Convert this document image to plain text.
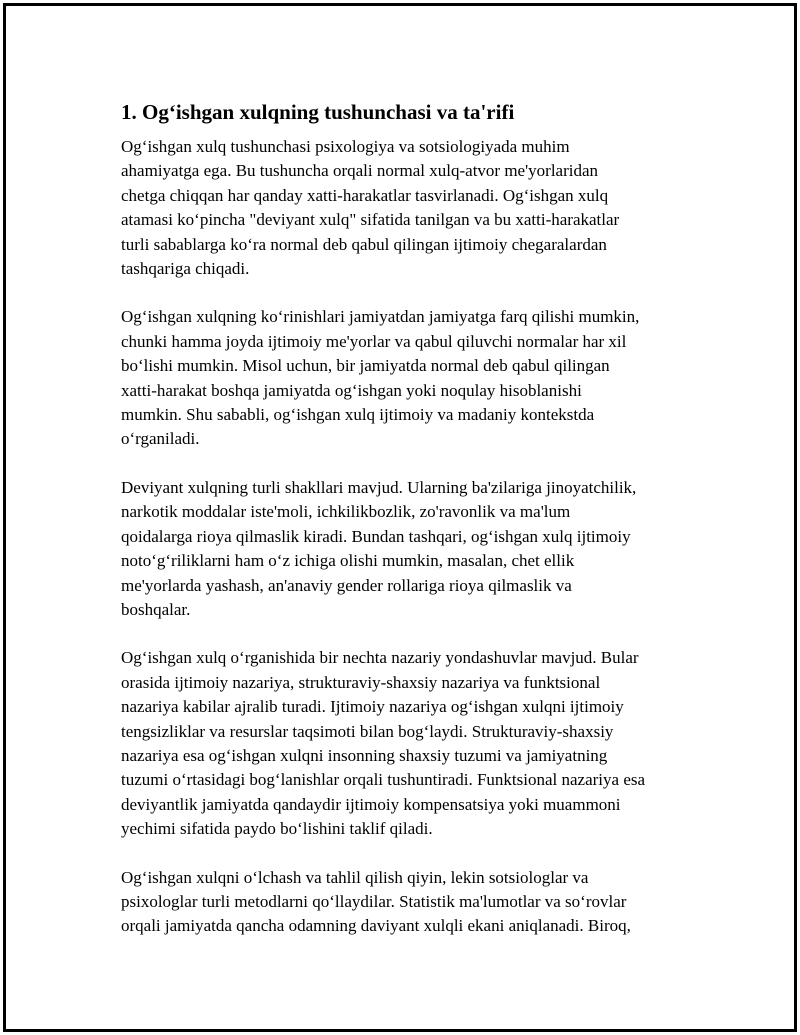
1. Og‘ishgan xulqning tushunchasi va ta'rifi

Og‘ishgan xulq tushunchasi psixologiya va sotsiologiyada muhim
ahamiyatga ega. Bu tushuncha orqali normal xulq-atvor me'yorlaridan
chetga chiqqan har qanday xatti-harakatlar tasvirlanadi. Og‘ishgan xulq
atamasi ko‘pincha "deviyant xulq" sifatida tanilgan va bu xatti-harakatlar
turli sabablarga ko‘ra normal deb qabul qilingan ijtimoiy chegaralardan
tashqariga chiqadi.

Og‘ishgan xulqning ko‘rinishlari jamiyatdan jamiyatga farq qilishi mumkin,
chunki hamma joyda ijtimoiy me'yorlar va qabul qiluvchi normalar har xil
bo‘lishi mumkin. Misol uchun, bir jamiyatda normal deb qabul qilingan
xatti-harakat boshqa jamiyatda og‘ishgan yoki noqulay hisoblanishi
mumkin. Shu sababli, og‘ishgan xulq ijtimoiy va madaniy kontekstda
o‘rganiladi.

Deviyant xulqning turli shakllari mavjud. Ularning ba'zilariga jinoyatchilik,
narkotik moddalar iste'moli, ichkilikbozlik, zo'ravonlik va ma'lum
qoidalarga rioya qilmaslik kiradi. Bundan tashqari, og‘ishgan xulq ijtimoiy
noto‘g‘riliklarni ham o‘z ichiga olishi mumkin, masalan, chet ellik
me'yorlarda yashash, an'anaviy gender rollariga rioya qilmaslik va
boshqalar.

Og‘ishgan xulq o‘rganishida bir nechta nazariy yondashuvlar mavjud. Bular
orasida ijtimoiy nazariya, strukturaviy-shaxsiy nazariya va funktsional
nazariya kabilar ajralib turadi. Ijtimoiy nazariya og‘ishgan xulqni ijtimoiy
tengsizliklar va resurslar taqsimoti bilan bog‘laydi. Strukturaviy-shaxsiy
nazariya esa og‘ishgan xulqni insonning shaxsiy tuzumi va jamiyatning
tuzumi o‘rtasidagi bog‘lanishlar orqali tushuntiradi. Funktsional nazariya esa
deviyantlik jamiyatda qandaydir ijtimoiy kompensatsiya yoki muammoni
yechimi sifatida paydo bo‘lishini taklif qiladi.

Og‘ishgan xulqni o‘lchash va tahlil qilish qiyin, lekin sotsiologlar va
psixologlar turli metodlarni qo‘llaydilar. Statistik ma'lumotlar va so‘rovlar
orqali jamiyatda qancha odamning daviyant xulqli ekani aniqlanadi. Biroq,
